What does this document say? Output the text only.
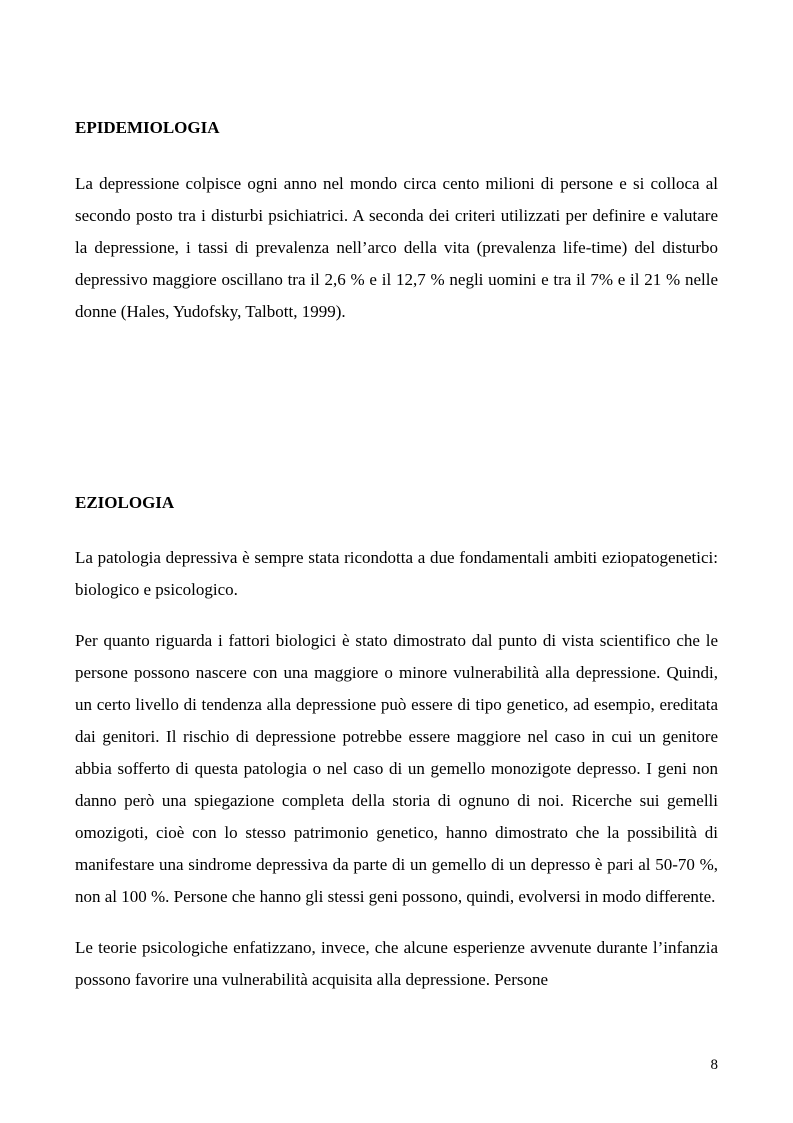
EPIDEMIOLOGIA

La depressione colpisce ogni anno nel mondo circa cento milioni di persone e si colloca al secondo posto tra i disturbi psichiatrici. A seconda dei criteri utilizzati per definire e valutare la depressione, i tassi di prevalenza nell’arco della vita (prevalenza life-time) del disturbo depressivo maggiore oscillano tra il 2,6 % e il 12,7 % negli uomini e tra il 7% e il 21 % nelle donne (Hales, Yudofsky, Talbott, 1999).

EZIOLOGIA

La patologia depressiva è sempre stata ricondotta a due fondamentali ambiti eziopatogenetici: biologico e psicologico.

Per quanto riguarda i fattori biologici è stato dimostrato dal punto di vista scientifico che le persone possono nascere con una maggiore o minore vulnerabilità alla depressione. Quindi, un certo livello di tendenza alla depressione può essere di tipo genetico, ad esempio, ereditata dai genitori. Il rischio di depressione potrebbe essere maggiore nel caso in cui un genitore abbia sofferto di questa patologia o nel caso di un gemello monozigote depresso. I geni non danno però una spiegazione completa della storia di ognuno di noi. Ricerche sui gemelli omozigoti, cioè con lo stesso patrimonio genetico, hanno dimostrato che la possibilità di manifestare una sindrome depressiva da parte di un gemello di un depresso è pari al 50-70 %, non al 100 %. Persone che hanno gli stessi geni possono, quindi, evolversi in modo differente.

Le teorie psicologiche enfatizzano, invece, che alcune esperienze avvenute durante l’infanzia possono favorire una vulnerabilità acquisita alla depressione. Persone

8
